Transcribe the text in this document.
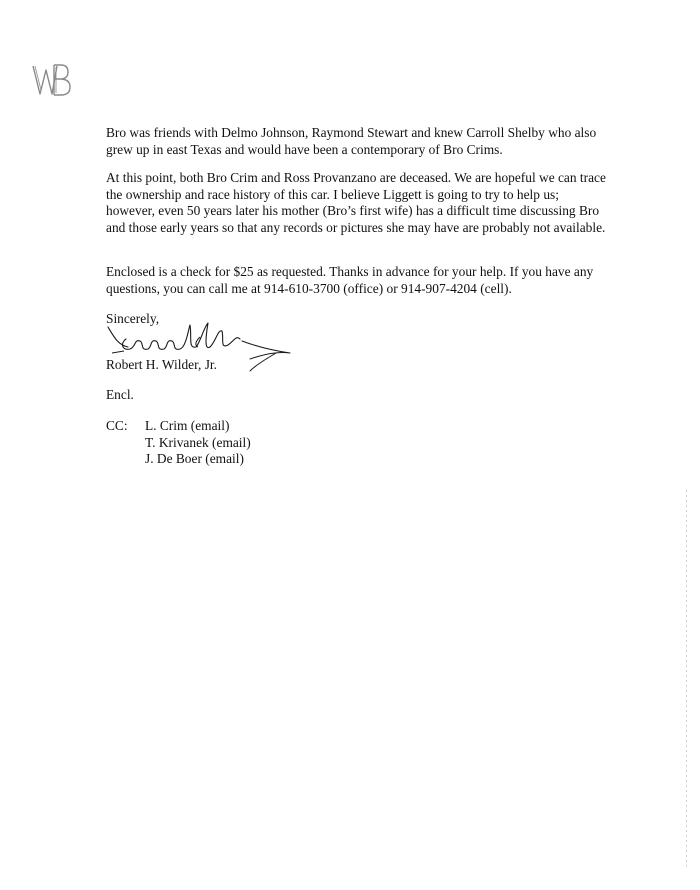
Bro was friends with Delmo Johnson, Raymond Stewart and knew Carroll Shelby who also grew up in east Texas and would have been a contemporary of Bro Crims.

At this point, both Bro Crim and Ross Provanzano are deceased. We are hopeful we can trace the ownership and race history of this car. I believe Liggett is going to try to help us; however, even 50 years later his mother (Bro’s first wife) has a difficult time discussing Bro and those early years so that any records or pictures she may have are probably not available.

Enclosed is a check for $25 as requested. Thanks in advance for your help. If you have any questions, you can call me at 914-610-3700 (office) or 914-907-4204 (cell).

Sincerely,

Robert H. Wilder, Jr.

Encl.

CC: L. Crim (email)
T. Krivanek (email)
J. De Boer (email)
